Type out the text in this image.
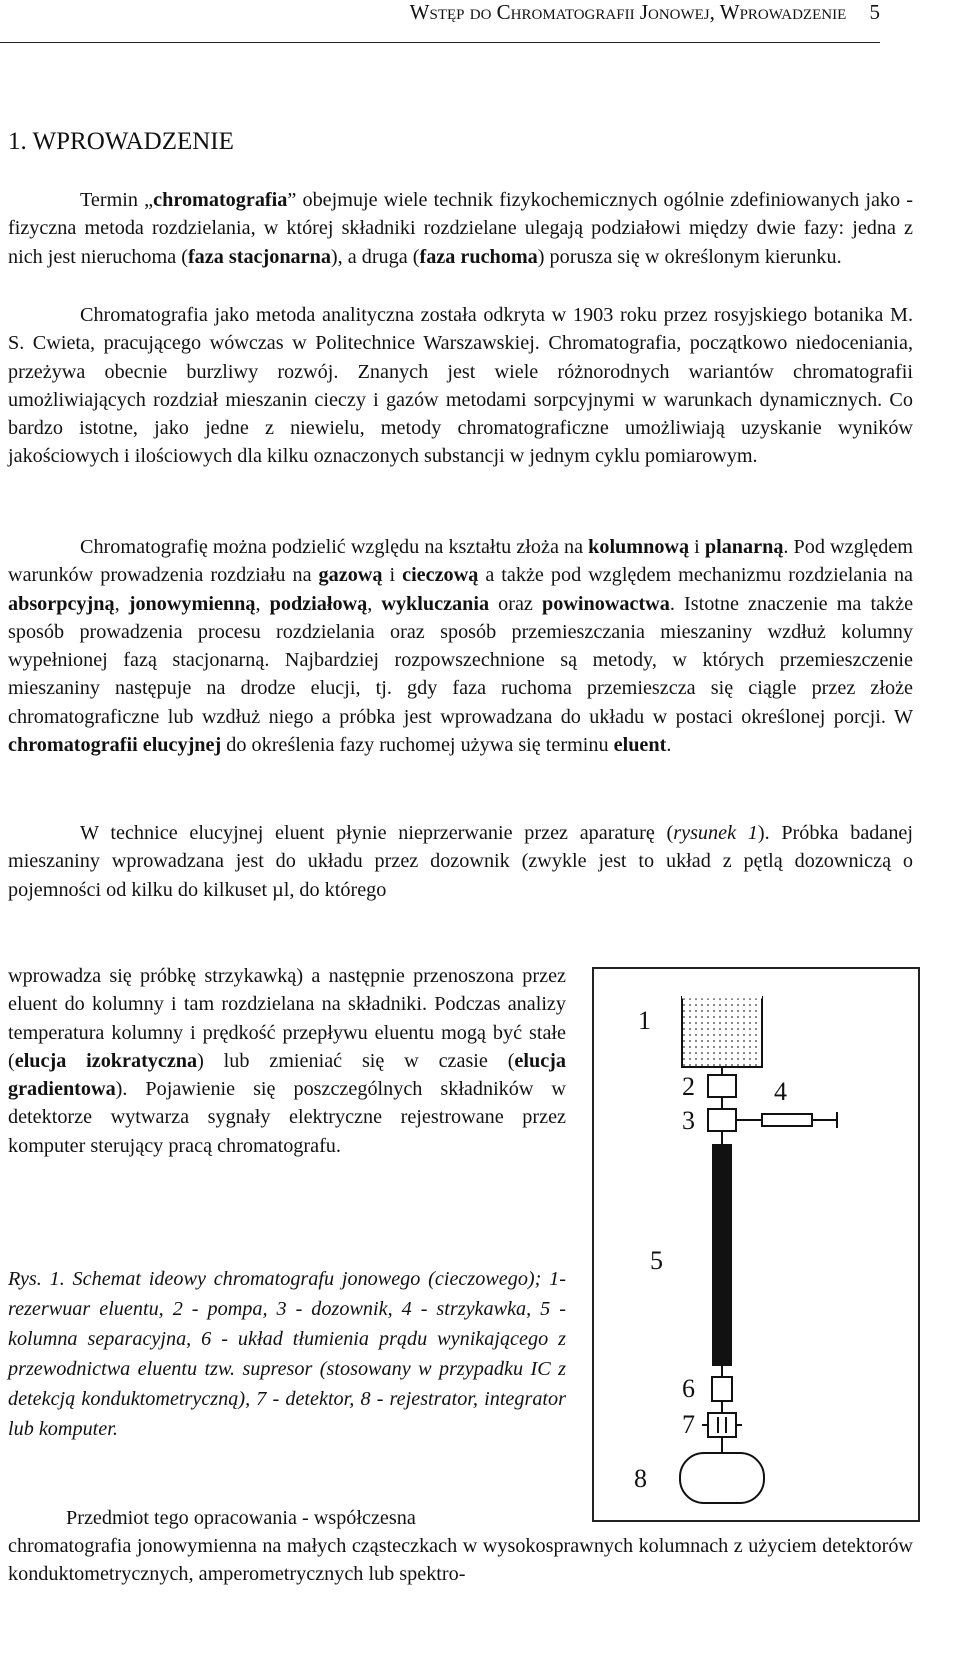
Wstęp do Chromatografii Jonowej, Wprowadzenie 5
1. WPROWADZENIE

Termin „chromatografia” obejmuje wiele technik fizykochemicznych ogólnie zdefiniowanych jako - fizyczna metoda rozdzielania, w której składniki rozdzielane ulegają podziałowi między dwie fazy: jedna z nich jest nieruchoma (faza stacjonarna), a druga (faza ruchoma) porusza się w określonym kierunku.

Chromatografia jako metoda analityczna została odkryta w 1903 roku przez rosyjskiego botanika M. S. Cwieta, pracującego wówczas w Politechnice Warszawskiej. Chromatografia, początkowo niedoceniania, przeżywa obecnie burzliwy rozwój. Znanych jest wiele różnorodnych wariantów chromatografii umożliwiających rozdział mieszanin cieczy i gazów metodami sorpcyjnymi w warunkach dynamicznych. Co bardzo istotne, jako jedne z niewielu, metody chromatograficzne umożliwiają uzyskanie wyników jakościowych i ilościowych dla kilku oznaczonych substancji w jednym cyklu pomiarowym.

Chromatografię można podzielić względu na kształtu złoża na kolumnową i planarną. Pod względem warunków prowadzenia rozdziału na gazową i cieczową a także pod względem mechanizmu rozdzielania na absorpcyjną, jonowymienną, podziałową, wykluczania oraz powinowactwa. Istotne znaczenie ma także sposób prowadzenia procesu rozdzielania oraz sposób przemieszczania mieszaniny wzdłuż kolumny wypełnionej fazą stacjonarną. Najbardziej rozpowszechnione są metody, w których przemieszczenie mieszaniny następuje na drodze elucji, tj. gdy faza ruchoma przemieszcza się ciągle przez złoże chromatograficzne lub wzdłuż niego a próbka jest wprowadzana do układu w postaci określonej porcji. W chromatografii elucyjnej do określenia fazy ruchomej używa się terminu eluent.

W technice elucyjnej eluent płynie nieprzerwanie przez aparaturę (rysunek 1). Próbka badanej mieszaniny wprowadzana jest do układu przez dozownik (zwykle jest to układ z pętlą dozowniczą o pojemności od kilku do kilkuset µl, do którego

wprowadza się próbkę strzykawką) a następnie przenoszona przez eluent do kolumny i tam rozdzielana na składniki. Podczas analizy temperatura kolumny i prędkość przepływu eluentu mogą być stałe (elucja izokratyczna) lub zmieniać się w czasie (elucja gradientowa). Pojawienie się poszczególnych składników w detektorze wytwarza sygnały elektryczne rejestrowane przez komputer sterujący pracą chromatografu.

Rys. 1. Schemat ideowy chromatografu jonowego (cieczowego); 1- rezerwuar eluentu, 2 - pompa, 3 - dozownik, 4 - strzykawka, 5 - kolumna separacyjna, 6 - układ tłumienia prądu wynikającego z przewodnictwa eluentu tzw. supresor (stosowany w przypadku IC z detekcją konduktometryczną), 7 - detektor, 8 - rejestrator, integrator lub komputer.

1
2
3
4
5
6
7
8

Przedmiot tego opracowania - współczesna

chromatografia jonowymienna na małych cząsteczkach w wysokosprawnych kolumnach z użyciem detektorów konduktometrycznych, amperometrycznych lub spektro-
